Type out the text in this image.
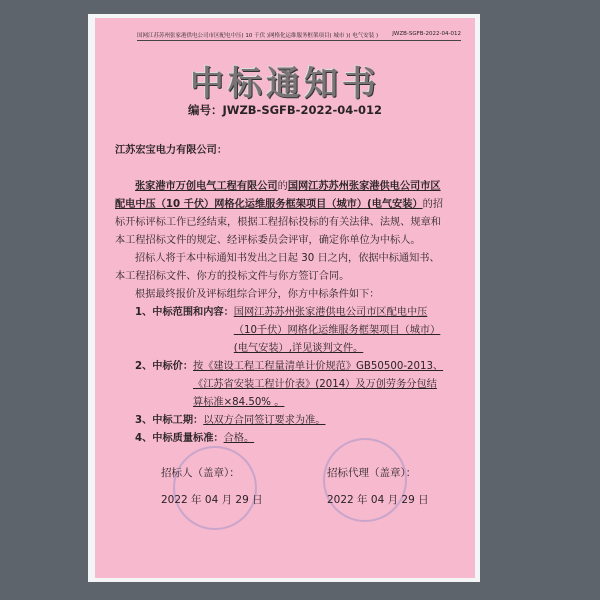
国网江苏苏州张家港供电公司市区配电中压( 10 千伏 )网格化运维服务框架项目( 城市 )( 电气安装 )	JWZB-SGFB-2022-04-012
中标通知书
编号：JWZB-SGFB-2022-04-012
江苏宏宝电力有限公司：
张家港市万创电气工程有限公司的国网江苏苏州张家港供电公司市区配电中压（10 千伏）网格化运维服务框架项目（城市）(电气安装）的招标开标评标工作已经结束，根据工程招标投标的有关法律、法规、规章和本工程招标文件的规定、经评标委员会评审，确定你单位为中标人。
招标人将于本中标通知书发出之日起 30 日之内，依据中标通知书、本工程招标文件、你方的投标文件与你方签订合同。
根据最终报价及评标组综合评分，你方中标条件如下：
1、中标范围和内容： 国网江苏苏州张家港供电公司市区配电中压（10千伏）网格化运维服务框架项目（城市）(电气安装）,详见谈判文件。
2、中标价： 按《建设工程工程量清单计价规范》GB50500-2013、《江苏省安装工程计价表》(2014）及万创劳务分包结算标准×84.50% 。
3、中标工期： 以双方合同签订要求为准。
4、中标质量标准： 合格。
招标人（盖章）：	招标代理（盖章）：
2022 年 04 月 29 日	2022 年 04 月 29 日
